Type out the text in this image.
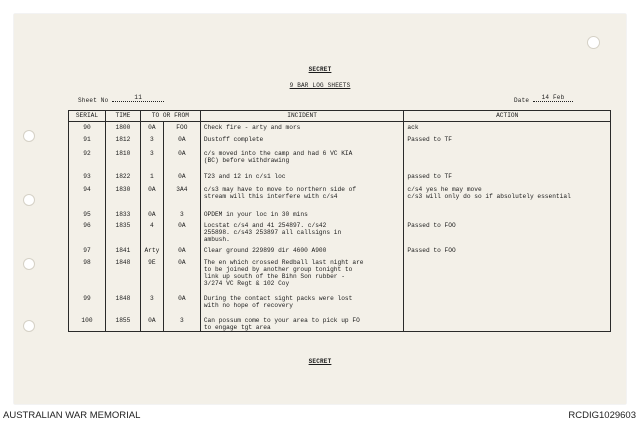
SECRET
9 BAR LOG SHEETS
Sheet No	11	Date 14 Feb
SERIAL	TIME	TO OR FROM		INCIDENT	ACTION
90	1800	0A	FOO	Check fire - arty and mors	ack
91	1812	3	0A	Dustoff complete	Passed to TF
92	1810	3	0A	c/s moved into the camp and had 6 VC KIA
(BC) before withdrawing	
93	1822	1	0A	T23 and 12 in c/s1 loc	passed to TF
94	1830	0A	3A4	c/s3 may have to move to northern side of
stream will this interfere with c/s4	c/s4 yes he may move
c/s3 will only do so if absolutely essential
95	1833	0A	3	OPDEM in your loc in 30 mins	
96	1835	4	0A	Locstat c/s4 and 41 254897. c/s42
255898. c/s43 253897 all callsigns in
ambush.	Passed to FOO
97	1841	Arty	0A	Clear ground 229899 dir 4600 A900	Passed to FOO
98	1848	9E	0A	The en which crossed Redball last night are
to be joined by another group tonight to
link up south of the Bihn Son rubber -
3/274 VC Regt & 102 Coy	
99	1848	3	0A	During the contact sight packs were lost
with no hope of recovery	
100	1855	0A	3	Can possum come to your area to pick up FO
to engage tgt area	
SECRET
AUSTRALIAN WAR MEMORIAL	RCDIG1029603
